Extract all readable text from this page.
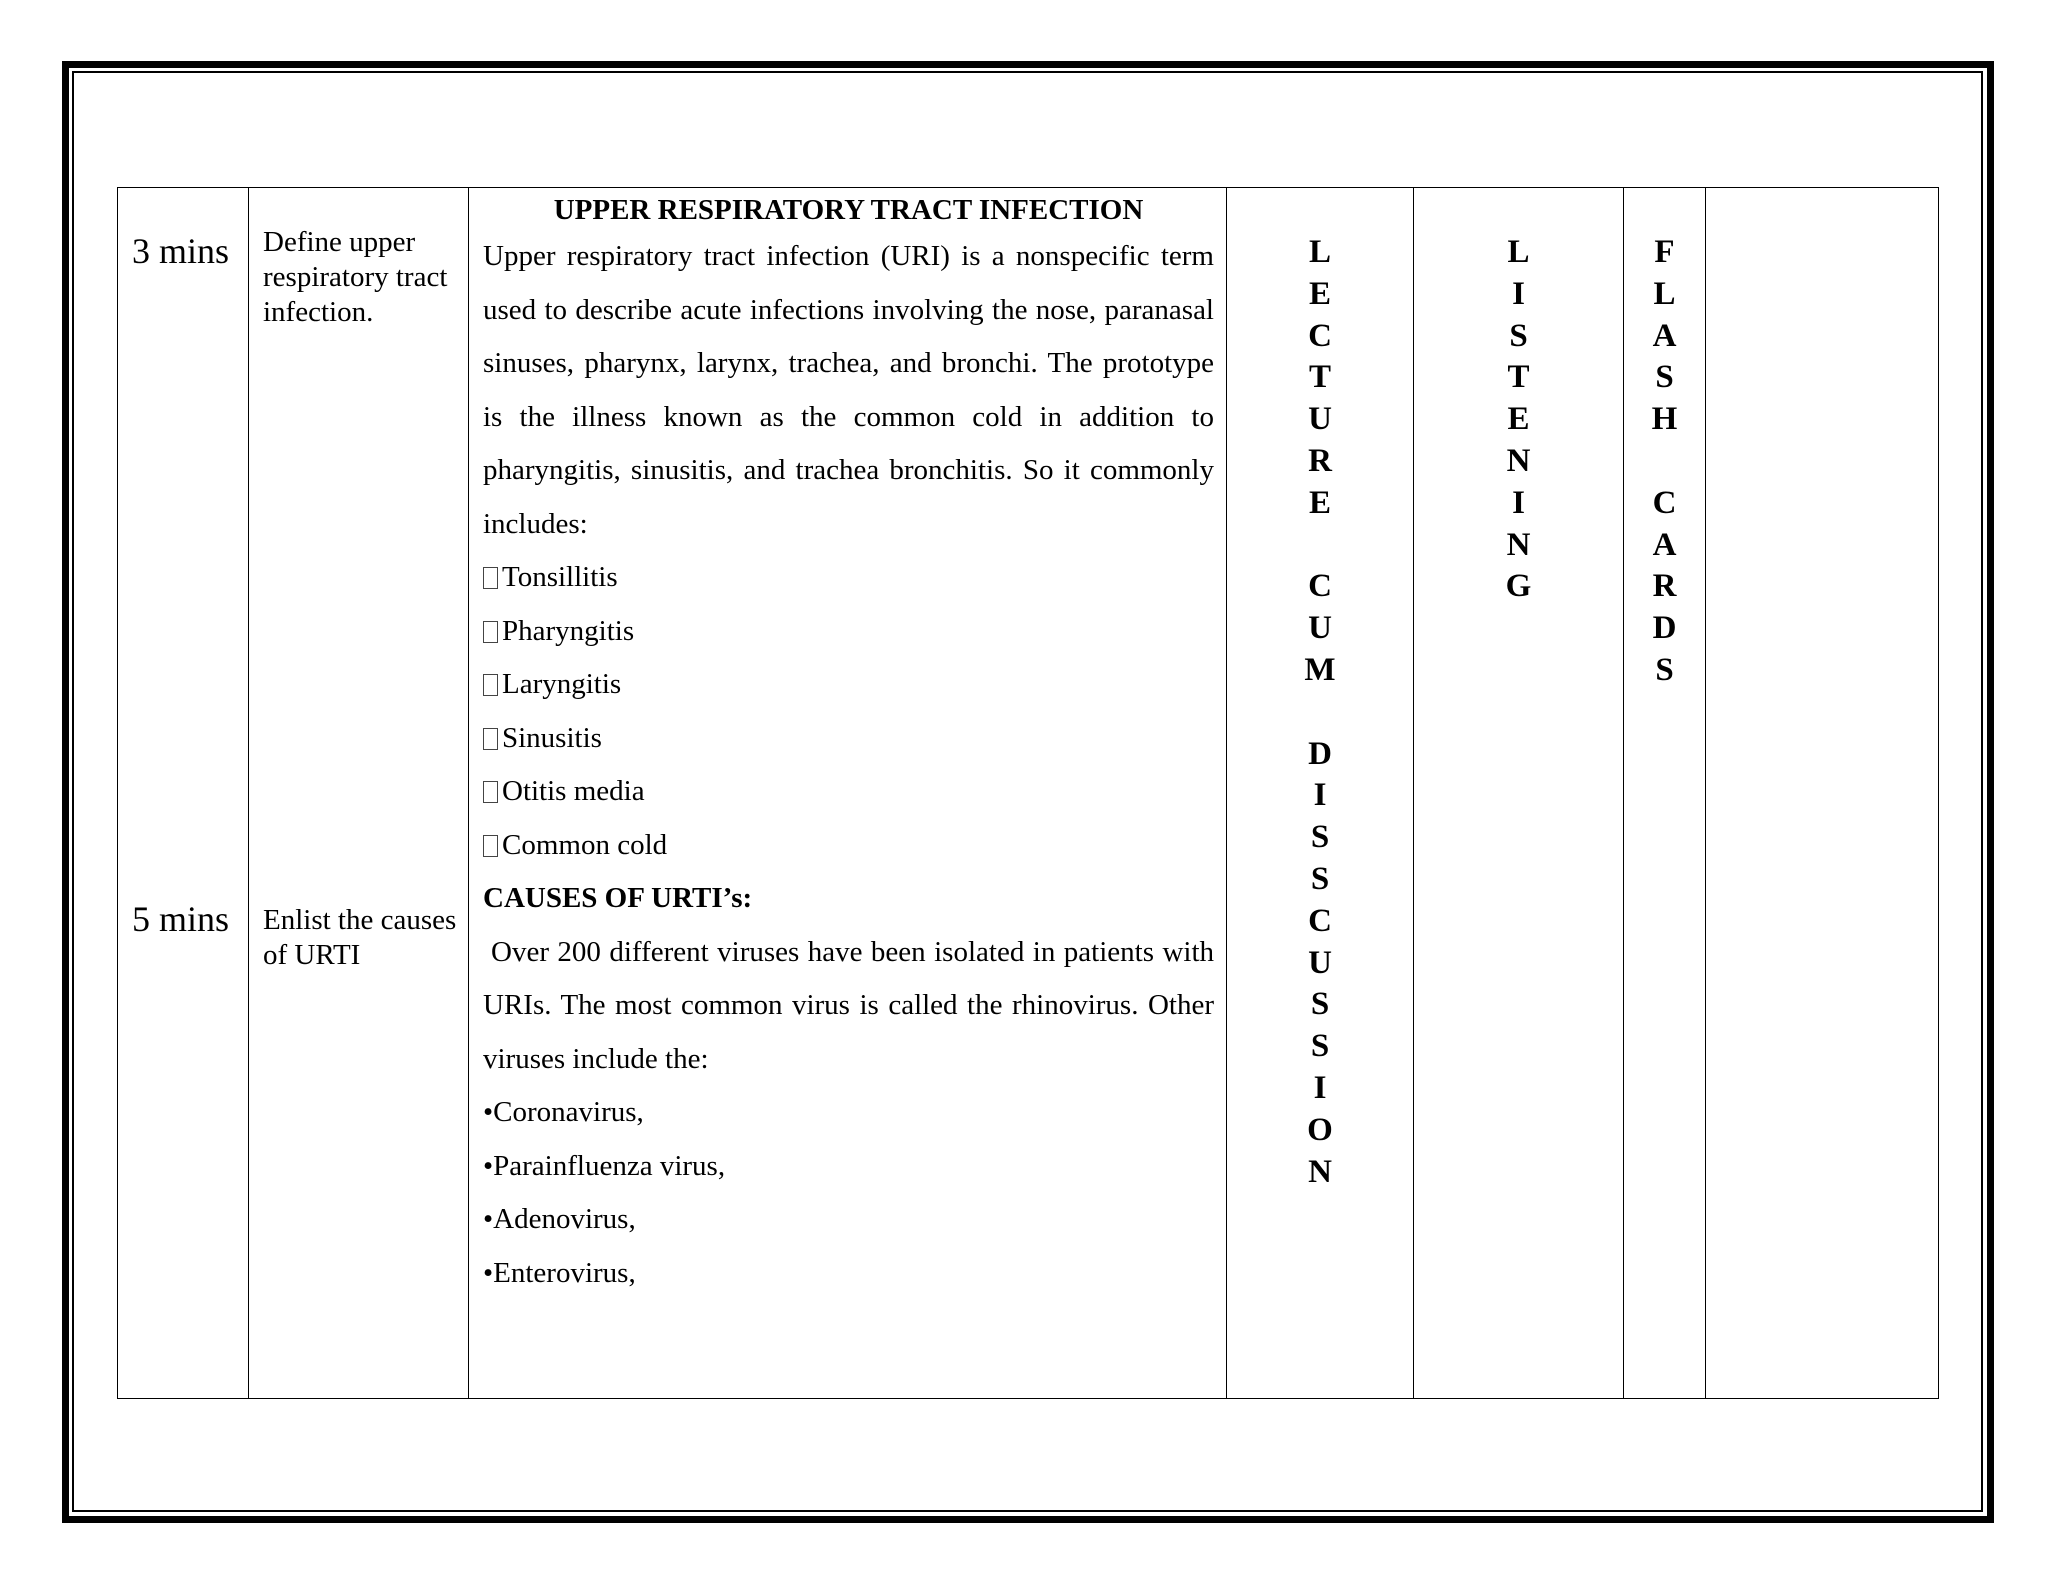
3 mins
5 mins
Define upper respiratory tract infection.
Enlist the causes of URTI
UPPER RESPIRATORY TRACT INFECTION

Upper respiratory tract infection (URI) is a nonspecific term used to describe acute infections involving the nose, paranasal sinuses, pharynx, larynx, trachea, and bronchi. The prototype is the illness known as the common cold in addition to pharyngitis, sinusitis, and trachea bronchitis. So it commonly includes:

Tonsillitis
Pharyngitis
Laryngitis
Sinusitis
Otitis media
Common cold
CAUSES OF URTI’s:

Over 200 different viruses have been isolated in patients with URIs. The most common virus is called the rhinovirus. Other viruses include the:

•Coronavirus,
•Parainfluenza virus,
•Adenovirus,
•Enterovirus,
L
E
C
T
U
R
E
C
U
M
D
I
S
S
C
U
S
S
I
O
N
L
I
S
T
E
N
I
N
G
F
L
A
S
H
C
A
R
D
S
